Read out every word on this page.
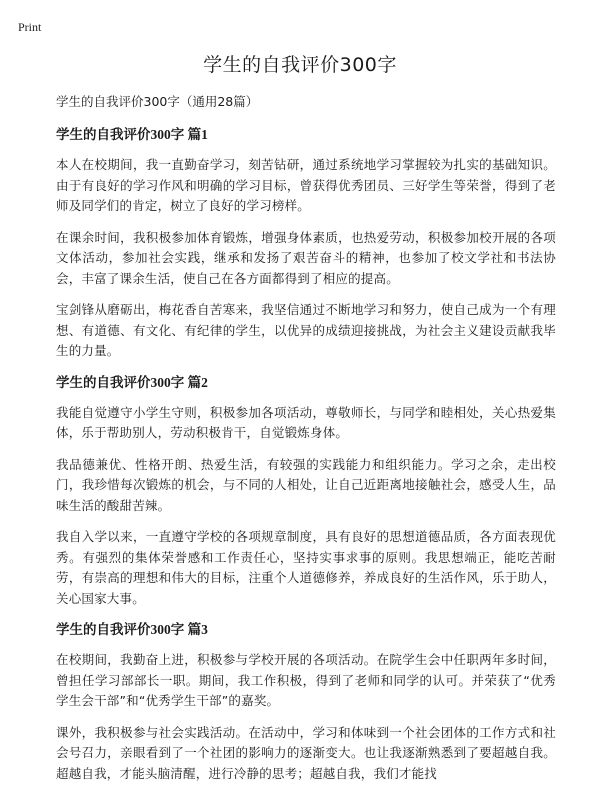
Print
学生的自我评价300字

学生的自我评价300字（通用28篇）

学生的自我评价300字 篇1

本人在校期间，我一直勤奋学习，刻苦钻研，通过系统地学习掌握较为扎实的基础知识。由于有良好的学习作风和明确的学习目标，曾获得优秀团员、三好学生等荣誉，得到了老师及同学们的肯定，树立了良好的学习榜样。

在课余时间，我积极参加体育锻炼，增强身体素质，也热爱劳动，积极参加校开展的各项文体活动，参加社会实践，继承和发扬了艰苦奋斗的精神，也参加了校文学社和书法协会，丰富了课余生活，使自己在各方面都得到了相应的提高。

宝剑锋从磨砺出，梅花香自苦寒来，我坚信通过不断地学习和努力，使自己成为一个有理想、有道德、有文化、有纪律的学生，以优异的成绩迎接挑战，为社会主义建设贡献我毕生的力量。

学生的自我评价300字 篇2

我能自觉遵守小学生守则，积极参加各项活动，尊敬师长，与同学和睦相处，关心热爱集体，乐于帮助别人，劳动积极肯干，自觉锻炼身体。

我品德兼优、性格开朗、热爱生活，有较强的实践能力和组织能力。学习之余，走出校门，我珍惜每次锻炼的机会，与不同的人相处，让自己近距离地接触社会，感受人生，品味生活的酸甜苦辣。

我自入学以来，一直遵守学校的各项规章制度，具有良好的思想道德品质，各方面表现优秀。有强烈的集体荣誉感和工作责任心，坚持实事求事的原则。我思想端正，能吃苦耐劳，有崇高的理想和伟大的目标，注重个人道德修养，养成良好的生活作风，乐于助人，关心国家大事。

学生的自我评价300字 篇3

在校期间，我勤奋上进，积极参与学校开展的各项活动。在院学生会中任职两年多时间，曾担任学习部部长一职。期间，我工作积极，得到了老师和同学的认可。并荣获了“优秀学生会干部”和“优秀学生干部”的嘉奖。

课外，我积极参与社会实践活动。在活动中，学习和体味到一个社会团体的工作方式和社会号召力，亲眼看到了一个社团的影响力的逐渐变大。也让我逐渐熟悉到了要超越自我。超越自我，才能头脑清醒，进行冷静的思考；超越自我，我们才能找
